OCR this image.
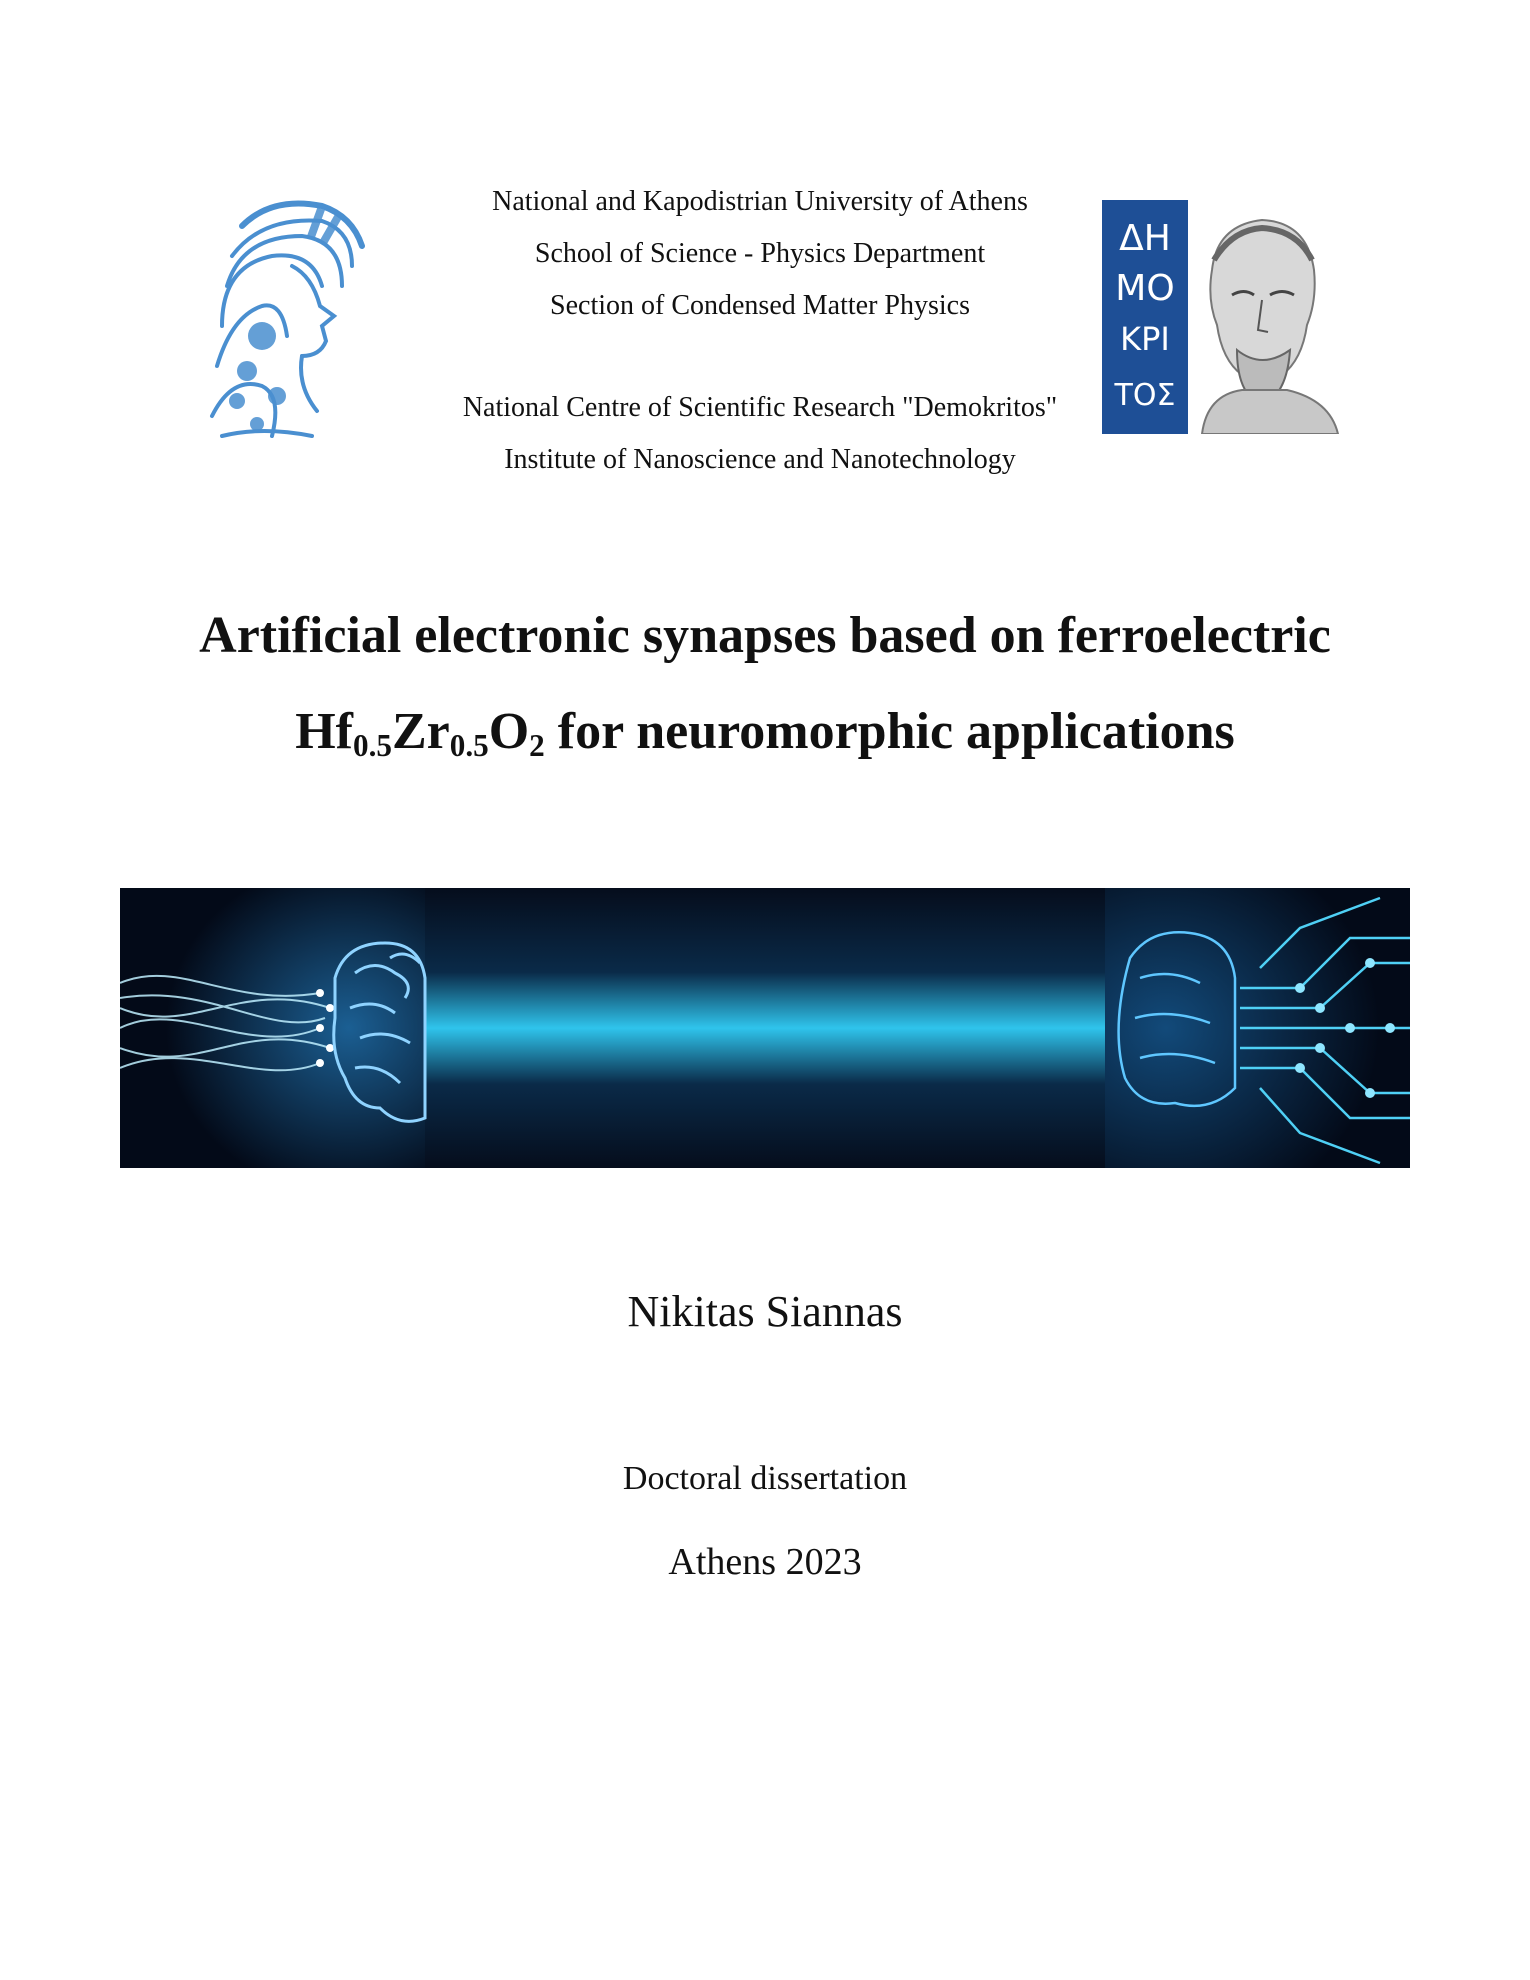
National and Kapodistrian University of Athens
School of Science - Physics Department
Section of Condensed Matter Physics
National Centre of Scientific Research "Demokritos"
Institute of Nanoscience and Nanotechnology
ΔΗ
ΜΟ
ΚΡΙ
ΤΟΣ
Artificial electronic synapses based on ferroelectric
$Hf_{0.5}Zr_{0.5}O_2$ for neuromorphic applications
Nikitas Siannas
Doctoral dissertation
Athens 2023
